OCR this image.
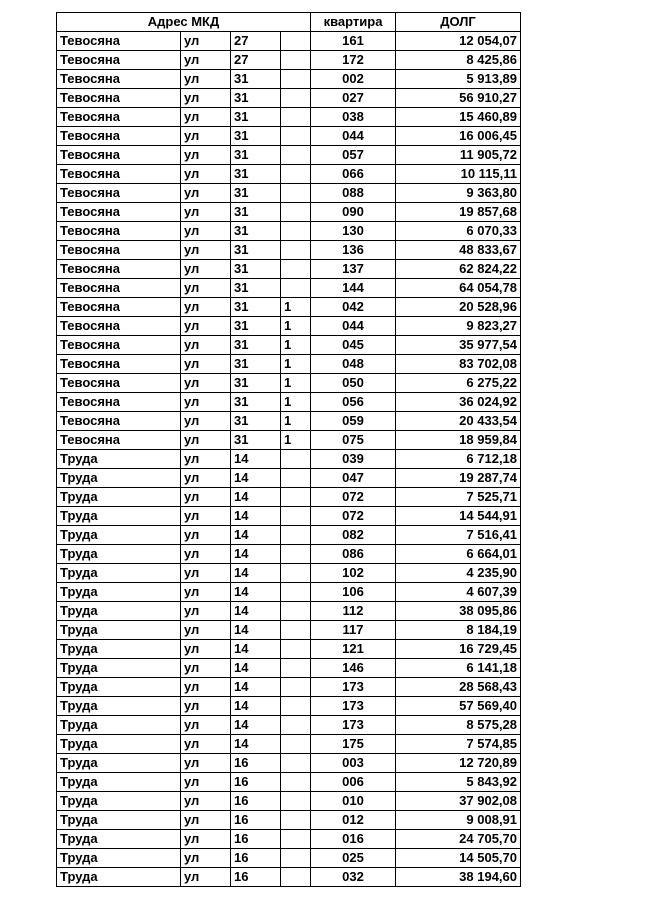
Адрес МКД				квартира	ДОЛГ
Тевосяна	ул	27		161	12 054,07
Тевосяна	ул	27		172	8 425,86
Тевосяна	ул	31		002	5 913,89
Тевосяна	ул	31		027	56 910,27
Тевосяна	ул	31		038	15 460,89
Тевосяна	ул	31		044	16 006,45
Тевосяна	ул	31		057	11 905,72
Тевосяна	ул	31		066	10 115,11
Тевосяна	ул	31		088	9 363,80
Тевосяна	ул	31		090	19 857,68
Тевосяна	ул	31		130	6 070,33
Тевосяна	ул	31		136	48 833,67
Тевосяна	ул	31		137	62 824,22
Тевосяна	ул	31		144	64 054,78
Тевосяна	ул	31	1	042	20 528,96
Тевосяна	ул	31	1	044	9 823,27
Тевосяна	ул	31	1	045	35 977,54
Тевосяна	ул	31	1	048	83 702,08
Тевосяна	ул	31	1	050	6 275,22
Тевосяна	ул	31	1	056	36 024,92
Тевосяна	ул	31	1	059	20 433,54
Тевосяна	ул	31	1	075	18 959,84
Труда	ул	14		039	6 712,18
Труда	ул	14		047	19 287,74
Труда	ул	14		072	7 525,71
Труда	ул	14		072	14 544,91
Труда	ул	14		082	7 516,41
Труда	ул	14		086	6 664,01
Труда	ул	14		102	4 235,90
Труда	ул	14		106	4 607,39
Труда	ул	14		112	38 095,86
Труда	ул	14		117	8 184,19
Труда	ул	14		121	16 729,45
Труда	ул	14		146	6 141,18
Труда	ул	14		173	28 568,43
Труда	ул	14		173	57 569,40
Труда	ул	14		173	8 575,28
Труда	ул	14		175	7 574,85
Труда	ул	16		003	12 720,89
Труда	ул	16		006	5 843,92
Труда	ул	16		010	37 902,08
Труда	ул	16		012	9 008,91
Труда	ул	16		016	24 705,70
Труда	ул	16		025	14 505,70
Труда	ул	16		032	38 194,60
